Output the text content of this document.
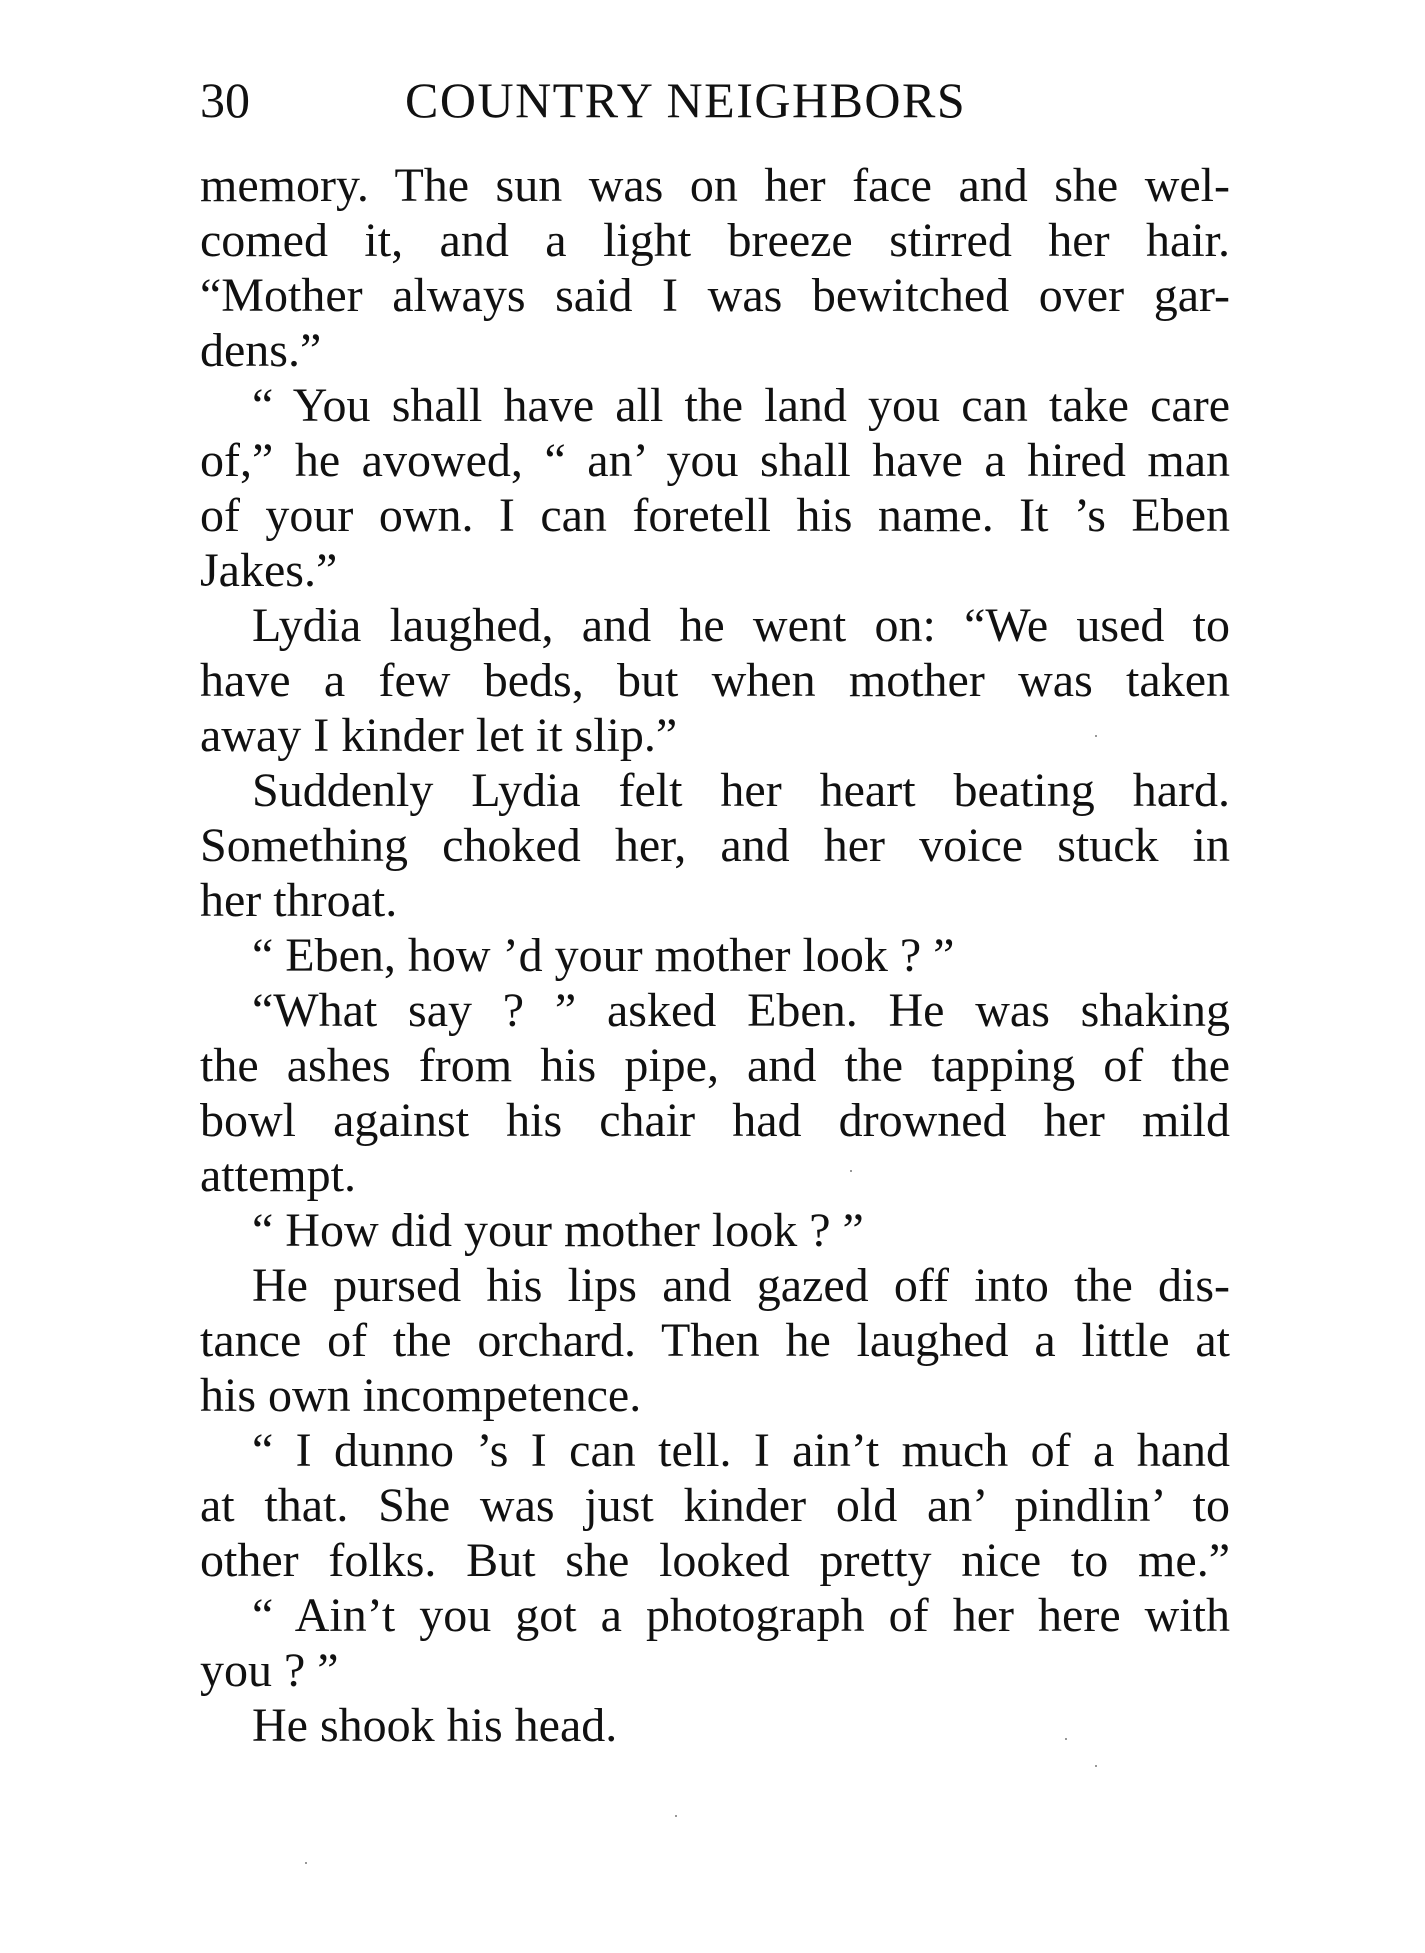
30	COUNTRY NEIGHBORS
memory. The sun was on her face and she wel-
comed it, and a light breeze stirred her hair.
“Mother always said I was bewitched over gar-
dens.”
“ You shall have all the land you can take care
of,” he avowed, “ an’ you shall have a hired man
of your own. I can foretell his name. It ’s Eben
Jakes.”
Lydia laughed, and he went on: “We used to
have a few beds, but when mother was taken
away I kinder let it slip.”
Suddenly Lydia felt her heart beating hard.
Something choked her, and her voice stuck in
her throat.
“ Eben, how ’d your mother look ? ”
“What say ? ” asked Eben. He was shaking
the ashes from his pipe, and the tapping of the
bowl against his chair had drowned her mild
attempt.
“ How did your mother look ? ”
He pursed his lips and gazed off into the dis-
tance of the orchard. Then he laughed a little at
his own incompetence.
“ I dunno ’s I can tell. I ain’t much of a hand
at that. She was just kinder old an’ pindlin’ to
other folks. But she looked pretty nice to me.”
“ Ain’t you got a photograph of her here with
you ? ”
He shook his head.
